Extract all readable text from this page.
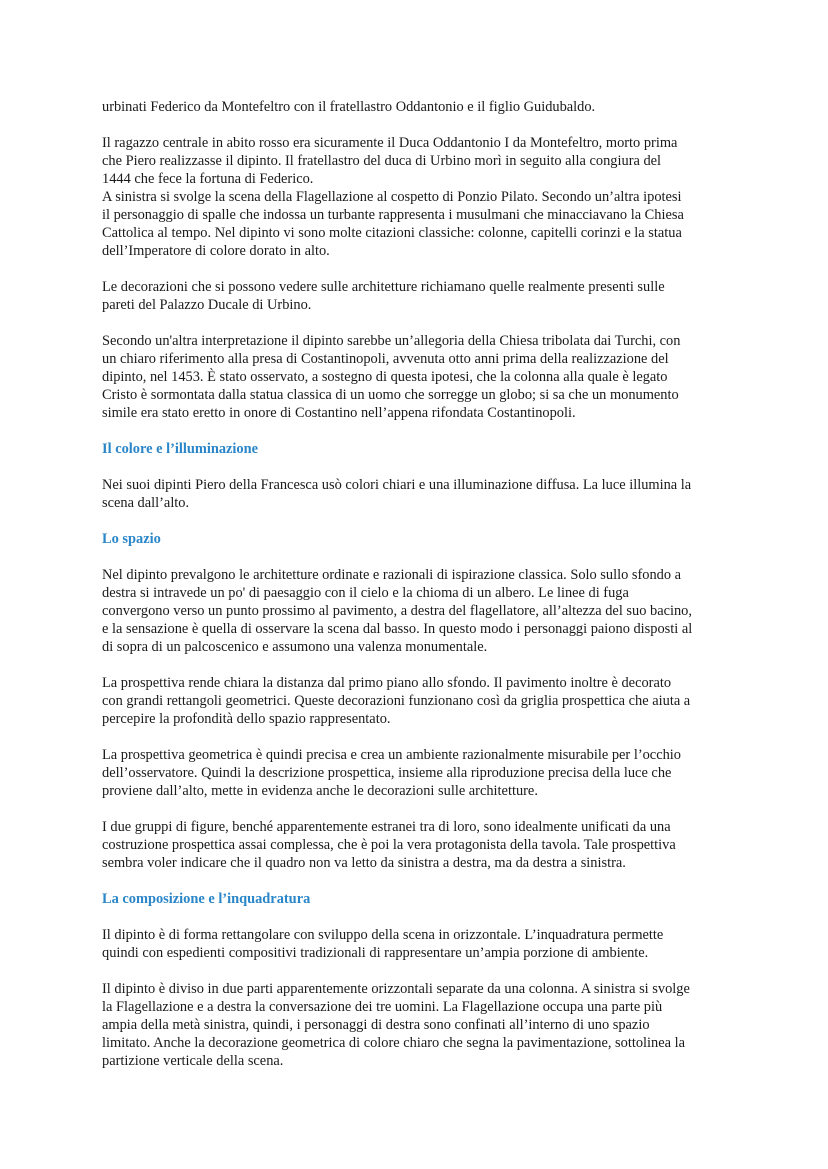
urbinati Federico da Montefeltro con il fratellastro Oddantonio e il figlio Guidubaldo.

Il ragazzo centrale in abito rosso era sicuramente il Duca Oddantonio I da Montefeltro, morto prima
che Piero realizzasse il dipinto. Il fratellastro del duca di Urbino morì in seguito alla congiura del
1444 che fece la fortuna di Federico.

A sinistra si svolge la scena della Flagellazione al cospetto di Ponzio Pilato. Secondo un’altra ipotesi
il personaggio di spalle che indossa un turbante rappresenta i musulmani che minacciavano la Chiesa
Cattolica al tempo. Nel dipinto vi sono molte citazioni classiche: colonne, capitelli corinzi e la statua
dell’Imperatore di colore dorato in alto.

Le decorazioni che si possono vedere sulle architetture richiamano quelle realmente presenti sulle
pareti del Palazzo Ducale di Urbino.

Secondo un'altra interpretazione il dipinto sarebbe un’allegoria della Chiesa tribolata dai Turchi, con
un chiaro riferimento alla presa di Costantinopoli, avvenuta otto anni prima della realizzazione del
dipinto, nel 1453. È stato osservato, a sostegno di questa ipotesi, che la colonna alla quale è legato
Cristo è sormontata dalla statua classica di un uomo che sorregge un globo; si sa che un monumento
simile era stato eretto in onore di Costantino nell’appena rifondata Costantinopoli.

Il colore e l’illuminazione

Nei suoi dipinti Piero della Francesca usò colori chiari e una illuminazione diffusa. La luce illumina la
scena dall’alto.

Lo spazio

Nel dipinto prevalgono le architetture ordinate e razionali di ispirazione classica. Solo sullo sfondo a
destra si intravede un po' di paesaggio con il cielo e la chioma di un albero. Le linee di fuga
convergono verso un punto prossimo al pavimento, a destra del flagellatore, all’altezza del suo bacino,
e la sensazione è quella di osservare la scena dal basso. In questo modo i personaggi paiono disposti al
di sopra di un palcoscenico e assumono una valenza monumentale.

La prospettiva rende chiara la distanza dal primo piano allo sfondo. Il pavimento inoltre è decorato
con grandi rettangoli geometrici. Queste decorazioni funzionano così da griglia prospettica che aiuta a
percepire la profondità dello spazio rappresentato.

La prospettiva geometrica è quindi precisa e crea un ambiente razionalmente misurabile per l’occhio
dell’osservatore. Quindi la descrizione prospettica, insieme alla riproduzione precisa della luce che
proviene dall’alto, mette in evidenza anche le decorazioni sulle architetture.

I due gruppi di figure, benché apparentemente estranei tra di loro, sono idealmente unificati da una
costruzione prospettica assai complessa, che è poi la vera protagonista della tavola. Tale prospettiva
sembra voler indicare che il quadro non va letto da sinistra a destra, ma da destra a sinistra.

La composizione e l’inquadratura

Il dipinto è di forma rettangolare con sviluppo della scena in orizzontale. L’inquadratura permette
quindi con espedienti compositivi tradizionali di rappresentare un’ampia porzione di ambiente.

Il dipinto è diviso in due parti apparentemente orizzontali separate da una colonna. A sinistra si svolge
la Flagellazione e a destra la conversazione dei tre uomini. La Flagellazione occupa una parte più
ampia della metà sinistra, quindi, i personaggi di destra sono confinati all’interno di uno spazio
limitato. Anche la decorazione geometrica di colore chiaro che segna la pavimentazione, sottolinea la
partizione verticale della scena.
